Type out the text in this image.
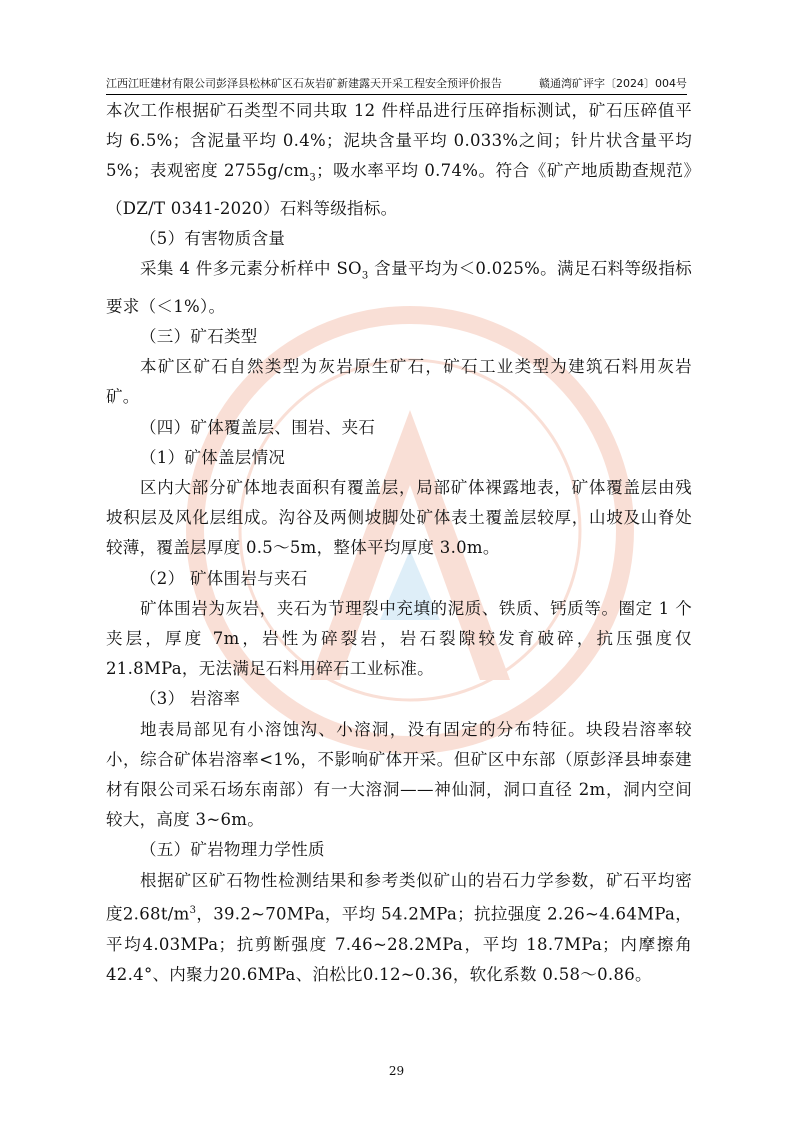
江西江旺建材有限公司彭泽县松林矿区石灰岩矿新建露天开采工程安全预评价报告	赣通湾矿评字〔2024〕004号

本次工作根据矿石类型不同共取 12 件样品进行压碎指标测试，矿石压碎值平均 6.5%；含泥量平均 0.4%；泥块含量平均 0.033%之间；针片状含量平均5%；表观密度 $2755g/cm_3$；吸水率平均 0.74%。符合《矿产地质勘查规范》（DZ/T 0341-2020）石料等级指标。

（5）有害物质含量

采集 4 件多元素分析样中 $SO_3$ 含量平均为＜0.025%。满足石料等级指标要求（＜1%）。

（三）矿石类型

本矿区矿石自然类型为灰岩原生矿石，矿石工业类型为建筑石料用灰岩矿。

（四）矿体覆盖层、围岩、夹石

（1）矿体盖层情况

区内大部分矿体地表面积有覆盖层，局部矿体裸露地表，矿体覆盖层由残坡积层及风化层组成。沟谷及两侧坡脚处矿体表土覆盖层较厚，山坡及山脊处较薄，覆盖层厚度 0.5～5m，整体平均厚度 3.0m。

（2） 矿体围岩与夹石

矿体围岩为灰岩，夹石为节理裂中充填的泥质、铁质、钙质等。圈定 1 个夹层，厚度 7m，岩性为碎裂岩，岩石裂隙较发育破碎，抗压强度仅 21.8MPa，无法满足石料用碎石工业标准。

（3） 岩溶率

地表局部见有小溶蚀沟、小溶洞，没有固定的分布特征。块段岩溶率较小，综合矿体岩溶率<1%，不影响矿体开采。但矿区中东部（原彭泽县坤泰建材有限公司采石场东南部）有一大溶洞——神仙洞，洞口直径 2m，洞内空间较大，高度 3~6m。

（五）矿岩物理力学性质

根据矿区矿石物性检测结果和参考类似矿山的岩石力学参数，矿石平均密度$2.68t/m^3$，39.2~70MPa，平均 54.2MPa；抗拉强度 2.26~4.64MPa，平均4.03MPa；抗剪断强度 7.46~28.2MPa，平均 18.7MPa；内摩擦角 42.4°、内聚力20.6MPa、泊松比0.12~0.36，软化系数 0.58～0.86。

29
